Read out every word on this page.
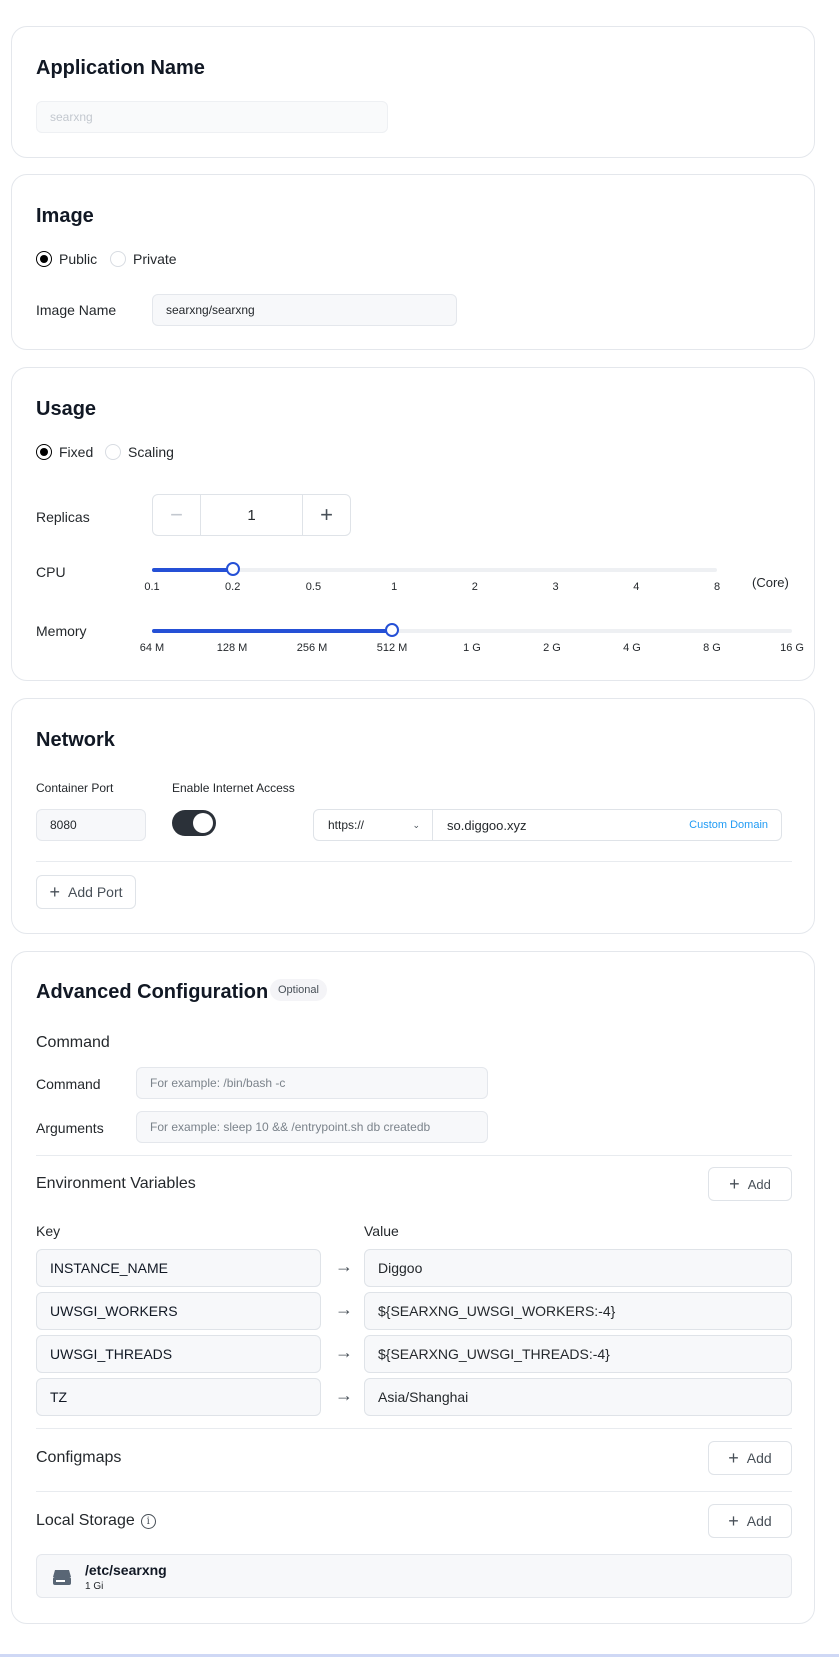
Application Name
searxng
Image
Public	Private
Image Name	searxng/searxng
Usage
Fixed Scaling
Replicas	−	1	+
CPU
0.1	0.2	0.5	1	2	3	4	8 (Core)
Memory
64 M	128 M	256 M	512 M	1 G	2 G	4 G	8 G	16 G
Network
Container Port	Enable Internet Access
8080	https://	⌄ so.diggoo.xyz	Custom Domain
+ Add Port
Advanced Configuration Optional
Command
Command	For example: /bin/bash -c
Arguments	For example: sleep 10 && /entrypoint.sh db createdb
Environment Variables	+ Add
Key	Value
INSTANCE_NAME	→	Diggoo
UWSGI_WORKERS	→	${SEARXNG_UWSGI_WORKERS:-4}
UWSGI_THREADS	→	${SEARXNG_UWSGI_THREADS:-4}
TZ	→	Asia/Shanghai
Configmaps	+ Add
Local Storage	i	+ Add
/etc/searxng
1 Gi
